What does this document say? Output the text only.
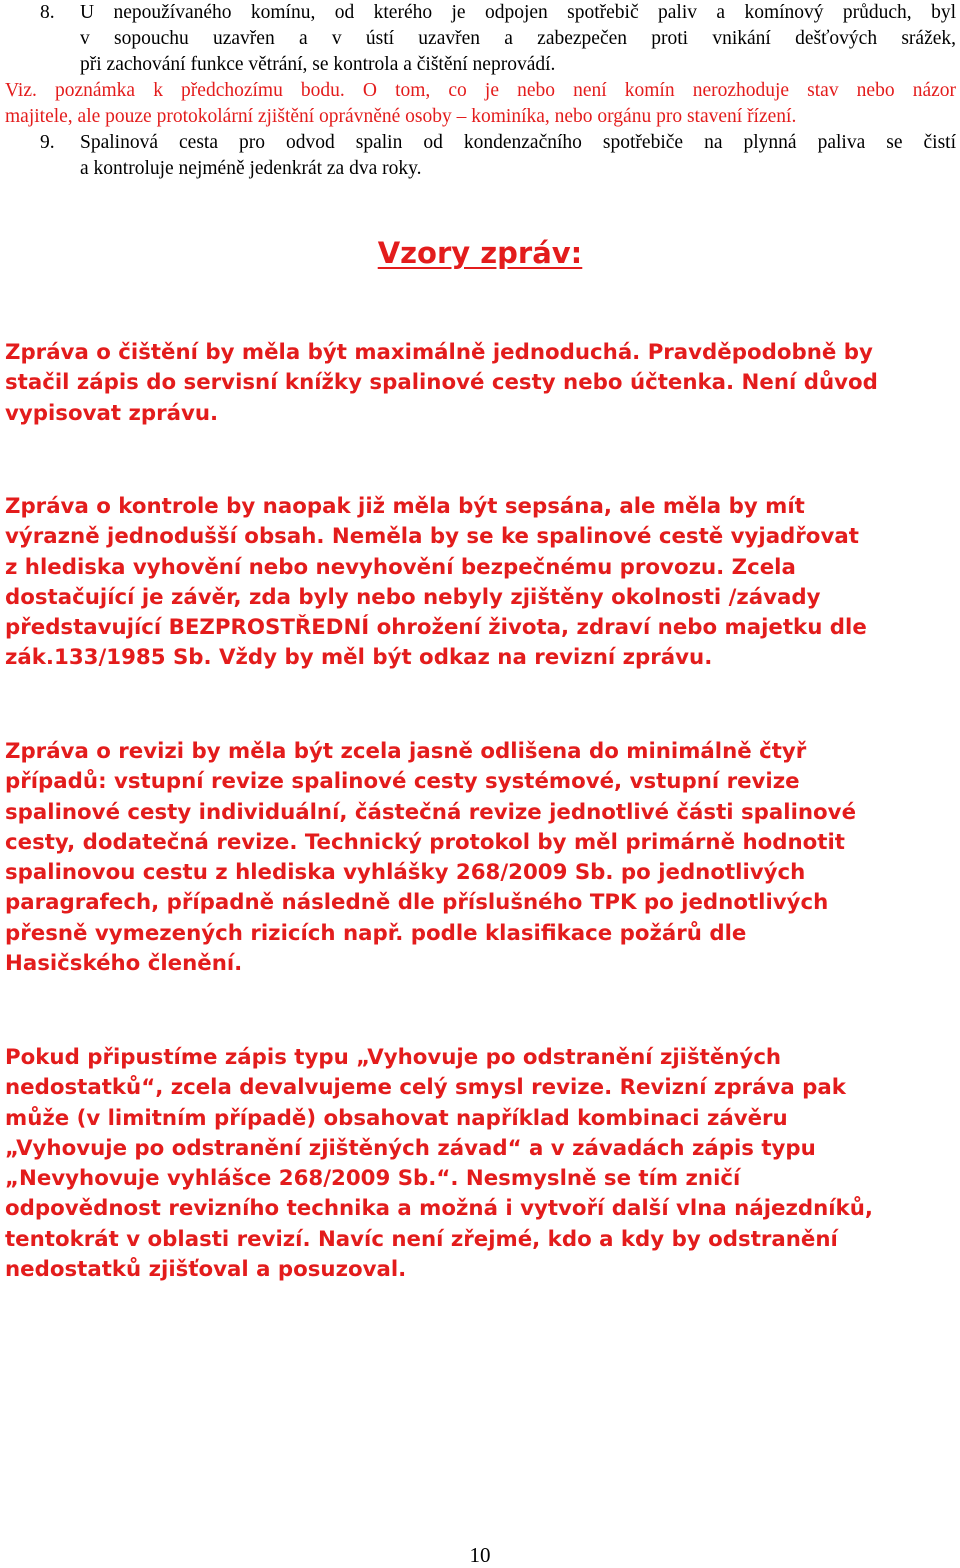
8.	U nepoužívaného komínu, od kterého je odpojen spotřebič paliv a komínový průduch, byl
v sopouchu uzavřen a v ústí uzavřen a zabezpečen proti vnikání dešťových srážek,
při zachování funkce větrání, se kontrola a čištění neprovádí.
Viz. poznámka k předchozímu bodu. O tom, co je nebo není komín nerozhoduje stav nebo názor
majitele, ale pouze protokolární zjištění oprávněné osoby – kominíka, nebo orgánu pro stavení řízení.
9.	Spalinová cesta pro odvod spalin od kondenzačního spotřebiče na plynná paliva se čistí
a kontroluje nejméně jedenkrát za dva roky.
Vzory zpráv:
Zpráva o čištění by měla být maximálně jednoduchá. Pravděpodobně by
stačil zápis do servisní knížky spalinové cesty nebo účtenka. Není důvod
vypisovat zprávu.
Zpráva o kontrole by naopak již měla být sepsána, ale měla by mít
výrazně jednodušší obsah. Neměla by se ke spalinové cestě vyjadřovat
z hlediska vyhovění nebo nevyhovění bezpečnému provozu. Zcela
dostačující je závěr, zda byly nebo nebyly zjištěny okolnosti /závady
představující BEZPROSTŘEDNÍ ohrožení života, zdraví nebo majetku dle
zák.133/1985 Sb. Vždy by měl být odkaz na revizní zprávu.
Zpráva o revizi by měla být zcela jasně odlišena do minimálně čtyř
případů: vstupní revize spalinové cesty systémové, vstupní revize
spalinové cesty individuální, částečná revize jednotlivé části spalinové
cesty, dodatečná revize. Technický protokol by měl primárně hodnotit
spalinovou cestu z hlediska vyhlášky 268/2009 Sb. po jednotlivých
paragrafech, případně následně dle příslušného TPK po jednotlivých
přesně vymezených rizicích např. podle klasifikace požárů dle
Hasičského členění.
Pokud připustíme zápis typu „Vyhovuje po odstranění zjištěných
nedostatků“, zcela devalvujeme celý smysl revize. Revizní zpráva pak
může (v limitním případě) obsahovat například kombinaci závěru
„Vyhovuje po odstranění zjištěných závad“ a v závadách zápis typu
„Nevyhovuje vyhlášce 268/2009 Sb.“. Nesmyslně se tím zničí
odpovědnost revizního technika a možná i vytvoří další vlna nájezdníků,
tentokrát v oblasti revizí. Navíc není zřejmé, kdo a kdy by odstranění
nedostatků zjišťoval a posuzoval.
10
